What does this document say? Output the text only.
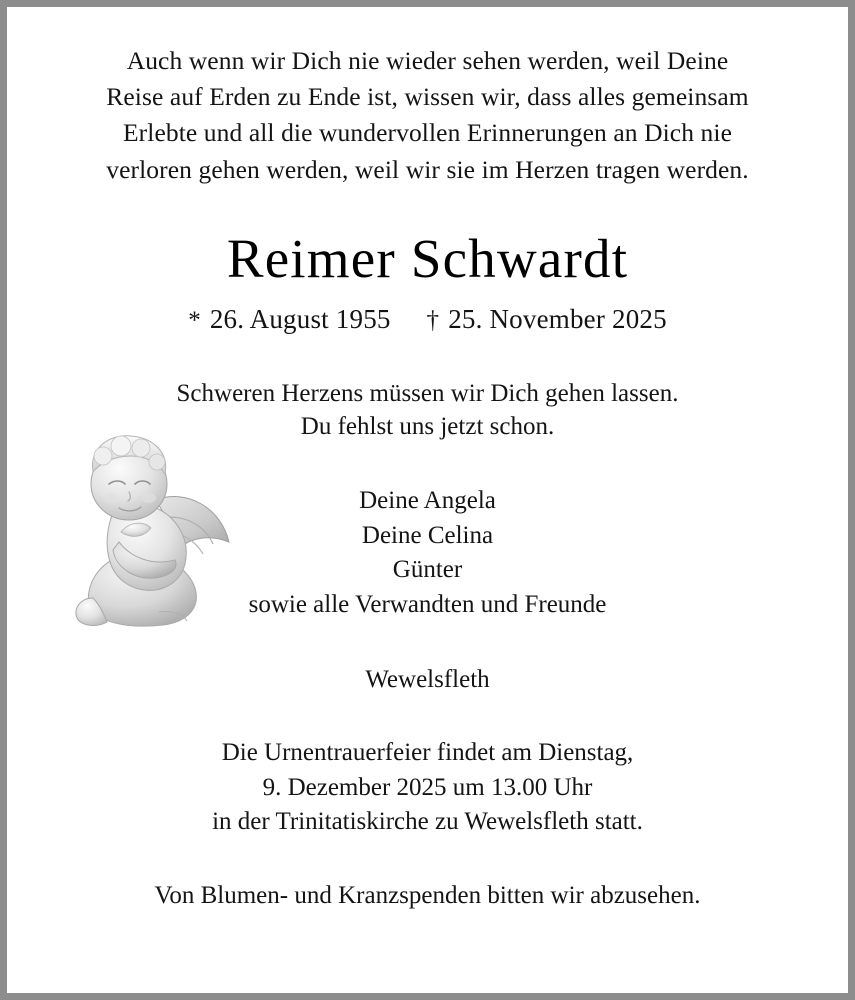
Auch wenn wir Dich nie wieder sehen werden, weil Deine
Reise auf Erden zu Ende ist, wissen wir, dass alles gemeinsam
Erlebte und all die wundervollen Erinnerungen an Dich nie
verloren gehen werden, weil wir sie im Herzen tragen werden.
Reimer Schwardt
* 26. August 1955 † 25. November 2025
Schweren Herzens müssen wir Dich gehen lassen.
Du fehlst uns jetzt schon.
Deine Angela
Deine Celina
Günter
sowie alle Verwandten und Freunde
Wewelsfleth
Die Urnentrauerfeier findet am Dienstag,
9. Dezember 2025 um 13.00 Uhr
in der Trinitatiskirche zu Wewelsfleth statt.
Von Blumen- und Kranzspenden bitten wir abzusehen.
